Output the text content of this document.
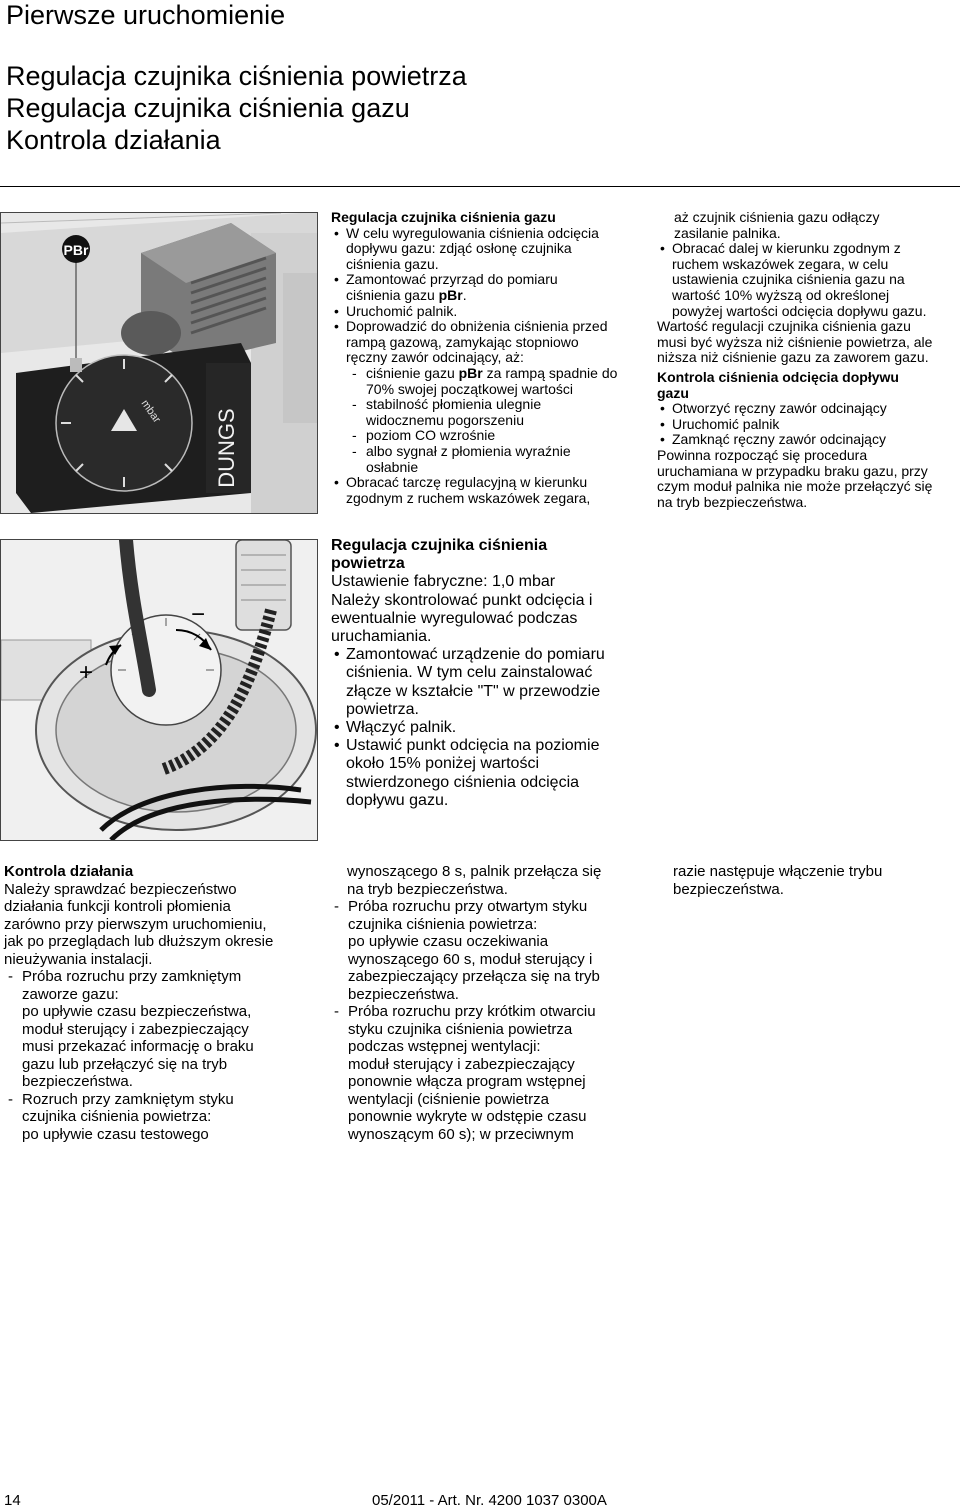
Pierwsze uruchomienie
Regulacja czujnika ciśnienia powietrza
Regulacja czujnika ciśnienia gazu
Kontrola działania
PBr
mbar DUNGS
+
−
Regulacja czujnika ciśnienia gazu
• W celu wyregulowania ciśnienia odcięcia
dopływu gazu: zdjąć osłonę czujnika
ciśnienia gazu.
• Zamontować przyrząd do pomiaru
ciśnienia gazu pBr.
• Uruchomić palnik.
• Doprowadzić do obniżenia ciśnienia przed
rampą gazową, zamykając stopniowo
ręczny zawór odcinający, aż:
- ciśnienie gazu pBr za rampą spadnie do
70% swojej początkowej wartości
- stabilność płomienia ulegnie
widocznemu pogorszeniu
- poziom CO wzrośnie
- albo sygnał z płomienia wyraźnie
osłabnie
• Obracać tarczę regulacyjną w kierunku
zgodnym z ruchem wskazówek zegara,
aż czujnik ciśnienia gazu odłączy
zasilanie palnika.
• Obracać dalej w kierunku zgodnym z
ruchem wskazówek zegara, w celu
ustawienia czujnika ciśnienia gazu na
wartość 10% wyższą od określonej
powyżej wartości odcięcia dopływu gazu.
Wartość regulacji czujnika ciśnienia gazu
musi być wyższa niż ciśnienie powietrza, ale
niższa niż ciśnienie gazu za zaworem gazu.
Kontrola ciśnienia odcięcia dopływu
gazu
• Otworzyć ręczny zawór odcinający
• Uruchomić palnik
• Zamknąć ręczny zawór odcinający
Powinna rozpocząć się procedura
uruchamiana w przypadku braku gazu, przy
czym moduł palnika nie może przełączyć się
na tryb bezpieczeństwa.
Regulacja czujnika ciśnienia
powietrza
Ustawienie fabryczne: 1,0 mbar
Należy skontrolować punkt odcięcia i
ewentualnie wyregulować podczas
uruchamiania.
• Zamontować urządzenie do pomiaru
ciśnienia. W tym celu zainstalować
złącze w kształcie "T" w przewodzie
powietrza.
• Włączyć palnik.
• Ustawić punkt odcięcia na poziomie
około 15% poniżej wartości
stwierdzonego ciśnienia odcięcia
dopływu gazu.
Kontrola działania
Należy sprawdzać bezpieczeństwo
działania funkcji kontroli płomienia
zarówno przy pierwszym uruchomieniu,
jak po przeglądach lub dłuższym okresie
nieużywania instalacji.
- Próba rozruchu przy zamkniętym
zaworze gazu:
po upływie czasu bezpieczeństwa,
moduł sterujący i zabezpieczający
musi przekazać informację o braku
gazu lub przełączyć się na tryb
bezpieczeństwa.
- Rozruch przy zamkniętym styku
czujnika ciśnienia powietrza:
po upływie czasu testowego
wynoszącego 8 s, palnik przełącza się
na tryb bezpieczeństwa.
- Próba rozruchu przy otwartym styku
czujnika ciśnienia powietrza:
po upływie czasu oczekiwania
wynoszącego 60 s, moduł sterujący i
zabezpieczający przełącza się na tryb
bezpieczeństwa.
- Próba rozruchu przy krótkim otwarciu
styku czujnika ciśnienia powietrza
podczas wstępnej wentylacji:
moduł sterujący i zabezpieczający
ponownie włącza program wstępnej
wentylacji (ciśnienie powietrza
ponownie wykryte w odstępie czasu
wynoszącym 60 s); w przeciwnym
razie następuje włączenie trybu
bezpieczeństwa.
14	05/2011 - Art. Nr. 4200 1037 0300A
